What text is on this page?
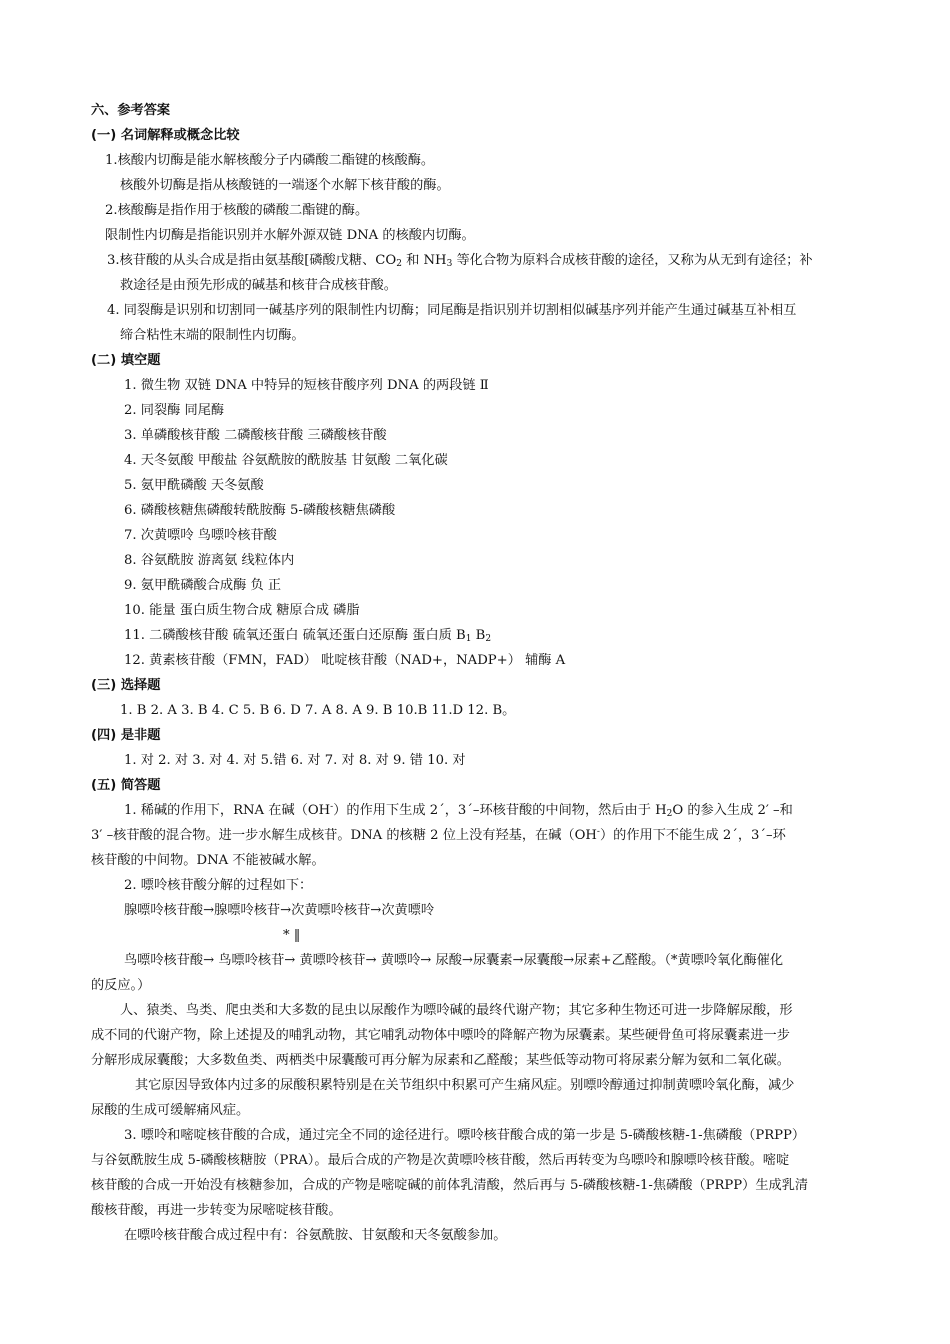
六、参考答案
(一) 名词解释或概念比较
1.核酸内切酶是能水解核酸分子内磷酸二酯键的核酸酶。
核酸外切酶是指从核酸链的一端逐个水解下核苷酸的酶。
2.核酸酶是指作用于核酸的磷酸二酯键的酶。
限制性内切酶是指能识别并水解外源双链 DNA 的核酸内切酶。
3.核苷酸的从头合成是指由氨基酸[磷酸戊糖、$CO_2$ 和 $NH_3$ 等化合物为原料合成核苷酸的途径，又称为从无到有途径；补
救途径是由预先形成的碱基和核苷合成核苷酸。
4. 同裂酶是识别和切割同一碱基序列的限制性内切酶；同尾酶是指识别并切割相似碱基序列并能产生通过碱基互补相互
缔合粘性末端的限制性内切酶。
(二) 填空题
1. 微生物 双链 DNA 中特异的短核苷酸序列 DNA 的两段链 Ⅱ
2. 同裂酶 同尾酶
3. 单磷酸核苷酸 二磷酸核苷酸 三磷酸核苷酸
4. 天冬氨酸 甲酸盐 谷氨酰胺的酰胺基 甘氨酸 二氧化碳
5. 氨甲酰磷酸 天冬氨酸
6. 磷酸核糖焦磷酸转酰胺酶 5-磷酸核糖焦磷酸
7. 次黄嘌呤 鸟嘌呤核苷酸
8. 谷氨酰胺 游离氨 线粒体内
9. 氨甲酰磷酸合成酶 负 正
10. 能量 蛋白质生物合成 糖原合成 磷脂
11. 二磷酸核苷酸 硫氧还蛋白 硫氧还蛋白还原酶 蛋白质 $B_1$ $B_2$
12. 黄素核苷酸（FMN，FAD） 吡啶核苷酸（NAD+，NADP+） 辅酶 A
(三) 选择题
1. B 2. A 3. B 4. C 5. B 6. D 7. A 8. A 9. B 10.B 11.D 12. B。
(四) 是非题
1. 对 2. 对 3. 对 4. 对 5.错 6. 对 7. 对 8. 对 9. 错 10. 对
(五) 简答题
1. 稀碱的作用下，RNA 在碱（OH-）的作用下生成 2ˊ，3ˊ–环核苷酸的中间物，然后由于 $H_2O$ 的参入生成 2′ –和
3′ –核苷酸的混合物。进一步水解生成核苷。DNA 的核糖 2 位上没有羟基，在碱（OH-）的作用下不能生成 2ˊ，3ˊ–环
核苷酸的中间物。DNA 不能被碱水解。
2. 嘌呤核苷酸分解的过程如下：
腺嘌呤核苷酸→腺嘌呤核苷→次黄嘌呤核苷→次黄嘌呤
* ‖
鸟嘌呤核苷酸→ 鸟嘌呤核苷→ 黄嘌呤核苷→ 黄嘌呤→ 尿酸→尿囊素→尿囊酸→尿素+乙醛酸。（*黄嘌呤氧化酶催化
的反应。）
人、猿类、鸟类、爬虫类和大多数的昆虫以尿酸作为嘌呤碱的最终代谢产物；其它多种生物还可进一步降解尿酸，形
成不同的代谢产物，除上述提及的哺乳动物，其它哺乳动物体中嘌呤的降解产物为尿囊素。某些硬骨鱼可将尿囊素进一步
分解形成尿囊酸；大多数鱼类、两栖类中尿囊酸可再分解为尿素和乙醛酸；某些低等动物可将尿素分解为氨和二氧化碳。
其它原因导致体内过多的尿酸积累特别是在关节组织中积累可产生痛风症。别嘌呤醇通过抑制黄嘌呤氧化酶，减少
尿酸的生成可缓解痛风症。
3. 嘌呤和嘧啶核苷酸的合成，通过完全不同的途径进行。嘌呤核苷酸合成的第一步是 5-磷酸核糖-1-焦磷酸（PRPP）
与谷氨酰胺生成 5-磷酸核糖胺（PRA）。最后合成的产物是次黄嘌呤核苷酸，然后再转变为鸟嘌呤和腺嘌呤核苷酸。嘧啶
核苷酸的合成一开始没有核糖参加，合成的产物是嘧啶碱的前体乳清酸，然后再与 5-磷酸核糖-1-焦磷酸（PRPP）生成乳清
酸核苷酸，再进一步转变为尿嘧啶核苷酸。
在嘌呤核苷酸合成过程中有：谷氨酰胺、甘氨酸和天冬氨酸参加。
